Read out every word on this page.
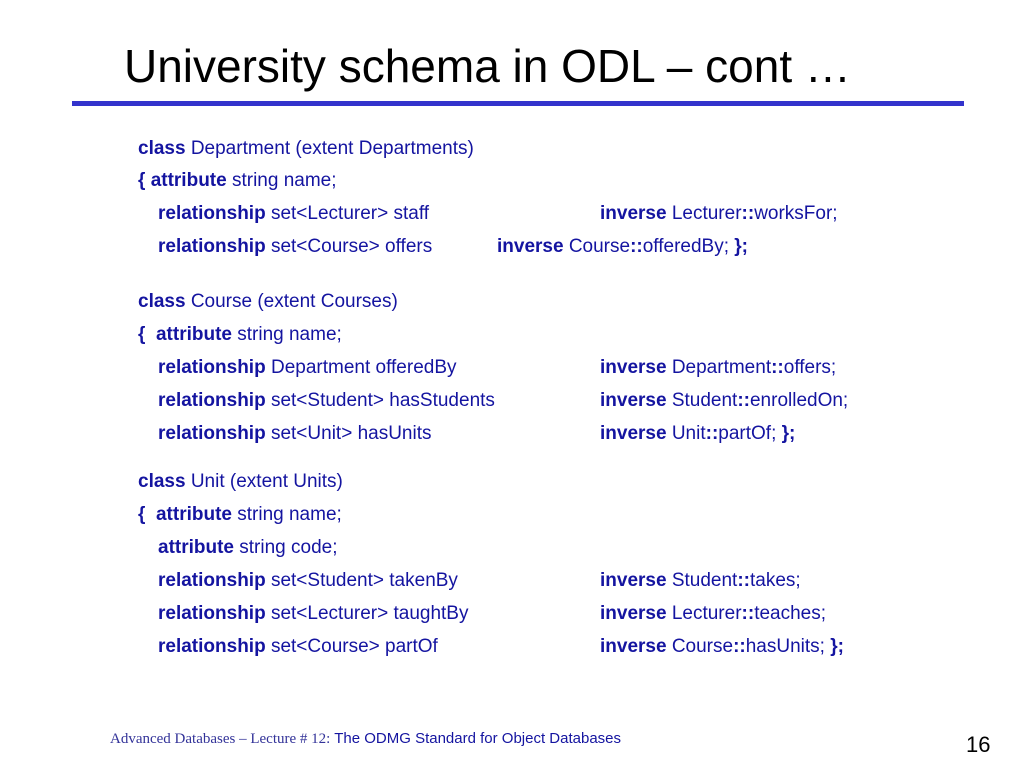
University schema in ODL – cont …
class Department (extent Departments)
{ attribute string name;
relationship set<Lecturer> staff	inverse Lecturer::worksFor;
relationship set<Course> offers	inverse Course::offeredBy; };
class Course (extent Courses)
{ attribute string name;
relationship Department offeredBy	inverse Department::offers;
relationship set<Student> hasStudents	inverse Student::enrolledOn;
relationship set<Unit> hasUnits	inverse Unit::partOf; };
class Unit (extent Units)
{ attribute string name;
attribute string code;
relationship set<Student> takenBy	inverse Student::takes;
relationship set<Lecturer> taughtBy	inverse Lecturer::teaches;
relationship set<Course> partOf	inverse Course::hasUnits; };
Advanced Databases – Lecture # 12: The ODMG Standard for Object Databases	16
